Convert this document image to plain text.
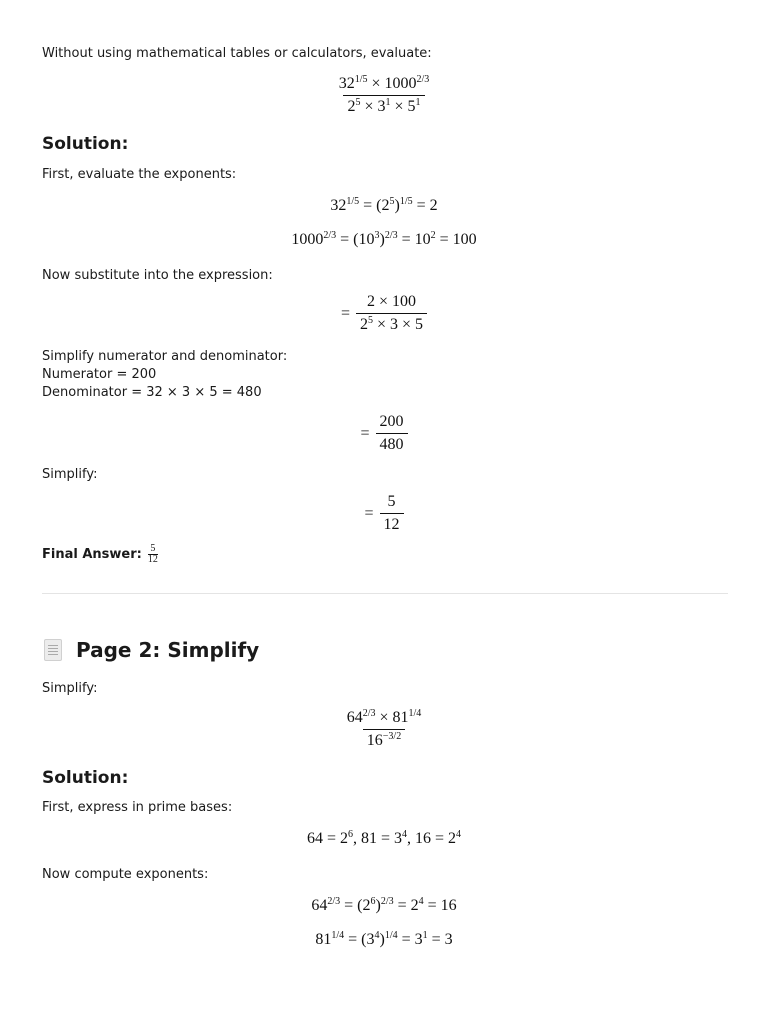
Without using mathematical tables or calculators, evaluate:
$\frac{32^{1/5} \times 1000^{2/3}}{2^5 \times 3^1 \times 5^1}$
Solution:
First, evaluate the exponents:
$32^{1/5} = (2^5)^{1/5} = 2$
$1000^{2/3} = (10^3)^{2/3} = 10^2 = 100$
Now substitute into the expression:
= $\frac{2 \times 100}{2^5 \times 3 \times 5}$
Simplify numerator and denominator:
Numerator = 200
Denominator = 32 × 3 × 5 = 480
= $\frac{200}{480}$
Simplify:
= $\frac{5}{12}$
Final Answer: $\frac{5}{12}$
Page 2: Simplify
Simplify:
$\frac{64^{2/3} \times 81^{1/4}}{16^{-3/2}}$
Solution:
First, express in prime bases:
$64 = 2^6$, $81 = 3^4$, $16 = 2^4$
Now compute exponents:
$64^{2/3} = (2^6)^{2/3} = 2^4 = 16$
$81^{1/4} = (3^4)^{1/4} = 3^1 = 3$
